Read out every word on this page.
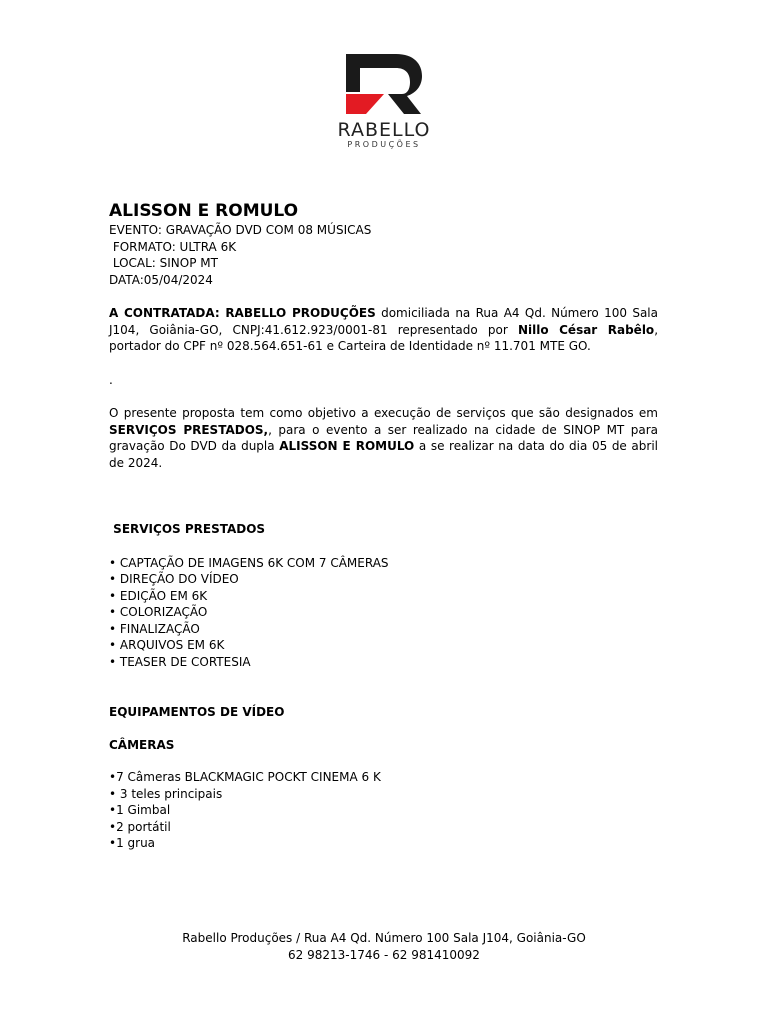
RABELLO
PRODUÇÕES
ALISSON E ROMULO
EVENTO: GRAVAÇÃO DVD COM 08 MÚSICAS
FORMATO: ULTRA 6K
LOCAL: SINOP MT
DATA:05/04/2024
A CONTRATADA: RABELLO PRODUÇÕES domiciliada na Rua A4 Qd. Número 100 Sala J104, Goiânia-GO, CNPJ:41.612.923/0001-81 representado por Nillo César Rabêlo, portador do CPF nº 028.564.651-61 e Carteira de Identidade nº 11.701 MTE GO.
.
O presente proposta tem como objetivo a execução de serviços que são designados em SERVIÇOS PRESTADOS,, para o evento a ser realizado na cidade de SINOP MT para gravação Do DVD da dupla ALISSON E ROMULO a se realizar na data do dia 05 de abril de 2024.
SERVIÇOS PRESTADOS
• CAPTAÇÃO DE IMAGENS 6K COM 7 CÂMERAS
• DIREÇÃO DO VÍDEO
• EDIÇÃO EM 6K
• COLORIZAÇÃO
• FINALIZAÇÃO
• ARQUIVOS EM 6K
• TEASER DE CORTESIA
EQUIPAMENTOS DE VÍDEO
CÂMERAS
•7 Câmeras BLACKMAGIC POCKT CINEMA 6 K
• 3 teles principais
•1 Gimbal
•2 portátil
•1 grua
Rabello Produções / Rua A4 Qd. Número 100 Sala J104, Goiânia-GO
62 98213-1746 - 62 981410092
